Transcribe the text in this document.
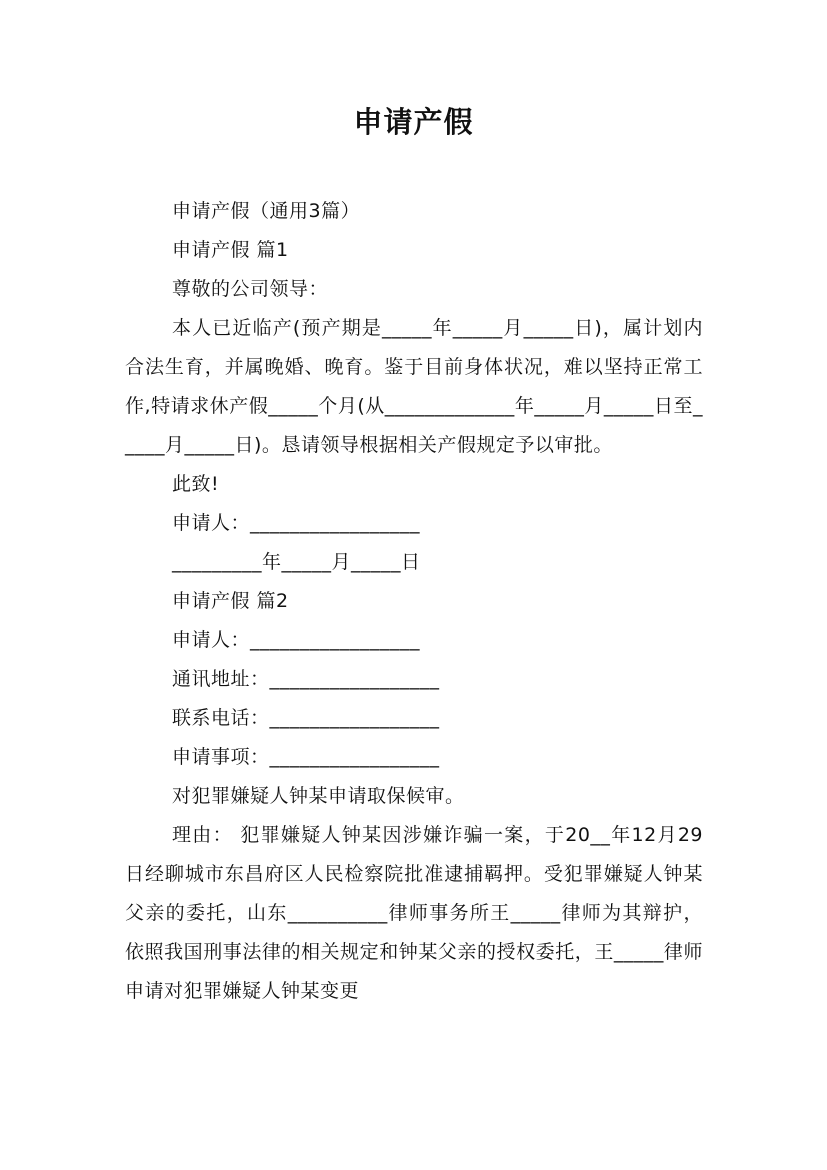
申请产假

申请产假（通用3篇）

申请产假 篇1

尊敬的公司领导：

本人已近临产(预产期是_____年_____月_____日)，属计划内合法生育，并属晚婚、晚育。鉴于目前身体状况，难以坚持正常工作,特请求休产假_____个月(从_____________年_____月_____日至_____月_____日)。恳请领导根据相关产假规定予以审批。

此致!

申请人：_________________

_________年_____月_____日

申请产假 篇2

申请人：_________________

通讯地址：_________________

联系电话：_________________

申请事项：_________________

对犯罪嫌疑人钟某申请取保候审。

理由： 犯罪嫌疑人钟某因涉嫌诈骗一案，于20__年12月29日经聊城市东昌府区人民检察院批准逮捕羁押。受犯罪嫌疑人钟某父亲的委托，山东__________律师事务所王_____律师为其辩护，依照我国刑事法律的相关规定和钟某父亲的授权委托，王_____律师申请对犯罪嫌疑人钟某变更
